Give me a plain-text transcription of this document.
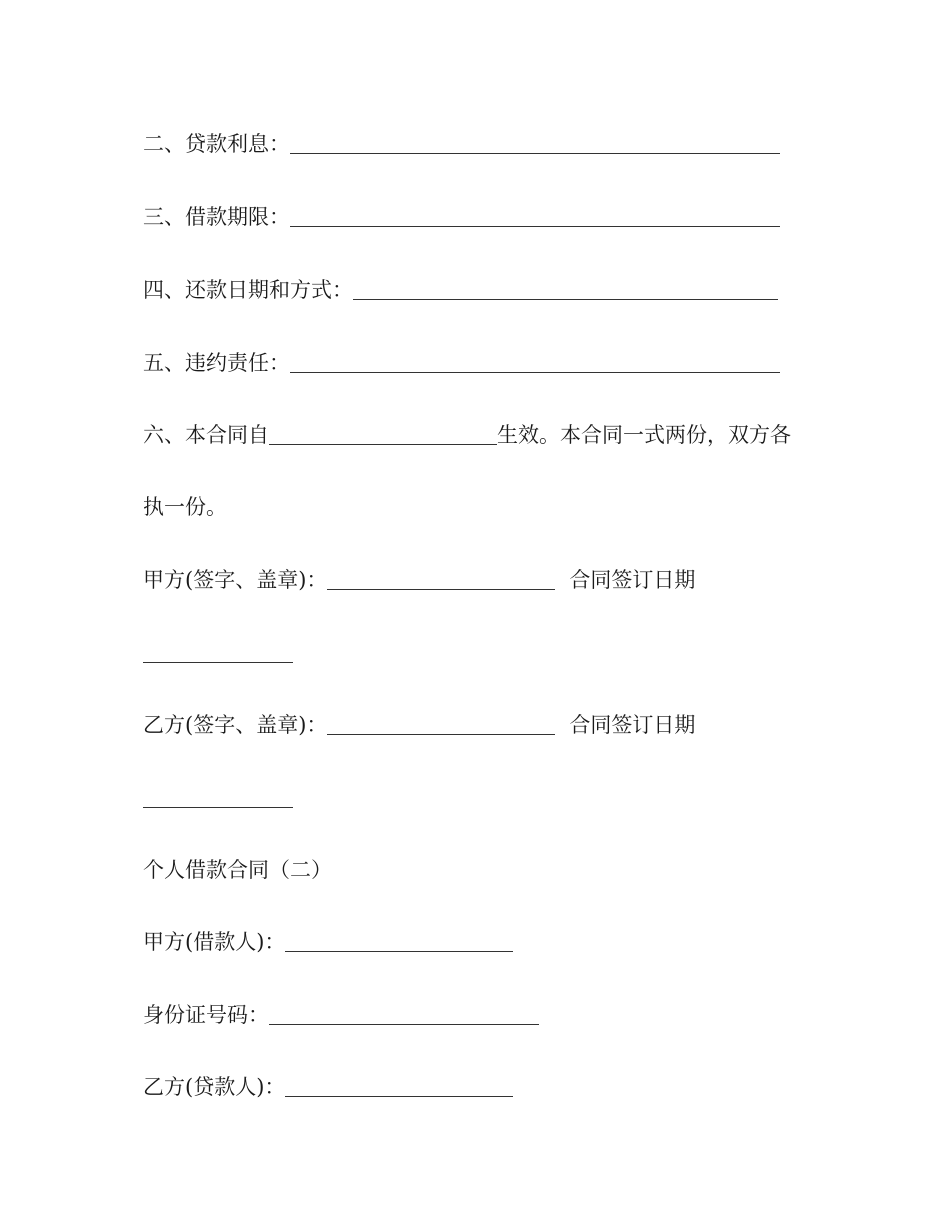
二、贷款利息：
三、借款期限：
四、还款日期和方式：
五、违约责任：
六、本合同自	生效。本合同一式两份，双方各
执一份。
甲方(签字、盖章)：	合同签订日期
乙方(签字、盖章)：	合同签订日期
个人借款合同（二）
甲方(借款人)：
身份证号码：
乙方(贷款人)：
